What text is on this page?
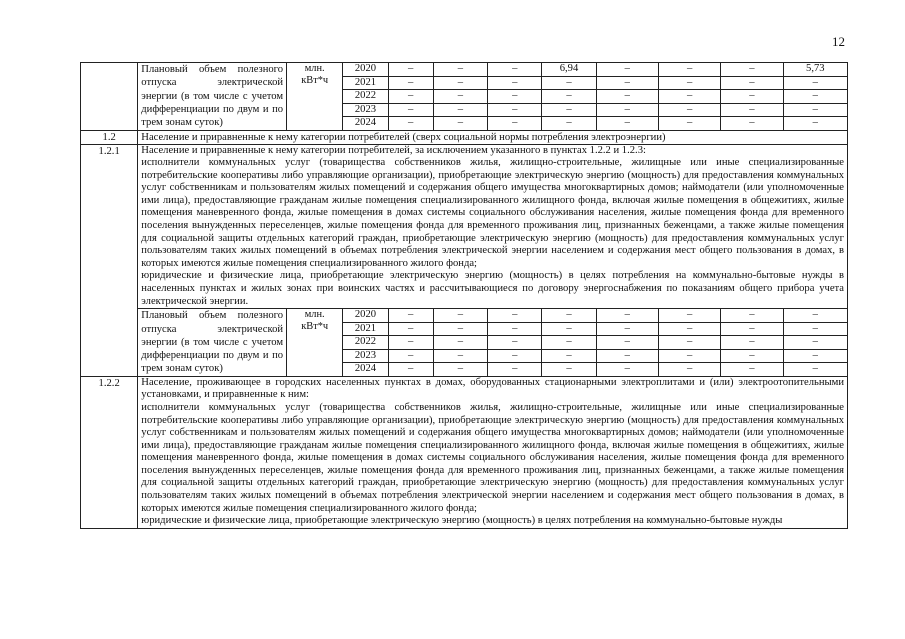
12
	Плановый объем полезного отпуска электрической энергии (в том числе с учетом дифференциации по двум и по трем зонам суток)	млн. кВт*ч	2020	–	–	–	6,94	–	–	–	5,73
			2021	–	–	–	–	–	–	–	–
			2022	–	–	–	–	–	–	–	–
			2023	–	–	–	–	–	–	–	–
			2024	–	–	–	–	–	–	–	–
1.2	Население и приравненные к нему категории потребителей (сверх социальной нормы потребления электроэнергии)										
1.2.1	Население и приравненные к нему категории потребителей, за исключением указанного в пунктах 1.2.2 и 1.2.3:
исполнители коммунальных услуг (товарищества собственников жилья, жилищно-строительные, жилищные или иные специализированные потребительские кооперативы либо управляющие организации), приобретающие электрическую энергию (мощность) для предоставления коммунальных услуг собственникам и пользователям жилых помещений и содержания общего имущества многоквартирных домов; наймодатели (или уполномоченные ими лица), предоставляющие гражданам жилые помещения специализированного жилищного фонда, включая жилые помещения в общежитиях, жилые помещения маневренного фонда, жилые помещения в домах системы социального обслуживания населения, жилые помещения фонда для временного поселения вынужденных переселенцев, жилые помещения фонда для временного проживания лиц, признанных беженцами, а также жилые помещения для социальной защиты отдельных категорий граждан, приобретающие электрическую энергию (мощность) для предоставления коммунальных услуг пользователям таких жилых помещений в объемах потребления электрической энергии населением и содержания мест общего пользования в домах, в которых имеются жилые помещения специализированного жилого фонда;
юридические и физические лица, приобретающие электрическую энергию (мощность) в целях потребления на коммунально-бытовые нужды в населенных пунктах и жилых зонах при воинских частях и рассчитывающиеся по договору энергоснабжения по показаниям общего прибора учета электрической энергии.										

	Плановый объем полезного отпуска электрической энергии (в том числе с учетом дифференциации по двум и по трем зонам суток)	млн. кВт*ч	2020	–	–	–	–	–	–	–	–
			2021	–	–	–	–	–	–	–	–
			2022	–	–	–	–	–	–	–	–
			2023	–	–	–	–	–	–	–	–
			2024	–	–	–	–	–	–	–	–
1.2.2	Население, проживающее в городских населенных пунктах в домах, оборудованных стационарными электроплитами и (или) электроотопительными установками, и приравненные к ним:
исполнители коммунальных услуг (товарищества собственников жилья, жилищно-строительные, жилищные или иные специализированные потребительские кооперативы либо управляющие организации), приобретающие электрическую энергию (мощность) для предоставления коммунальных услуг собственникам и пользователям жилых помещений и содержания общего имущества многоквартирных домов; наймодатели (или уполномоченные ими лица), предоставляющие гражданам жилые помещения специализированного жилищного фонда, включая жилые помещения в общежитиях, жилые помещения маневренного фонда, жилые помещения в домах системы социального обслуживания населения, жилые помещения фонда для временного поселения вынужденных переселенцев, жилые помещения фонда для временного проживания лиц, признанных беженцами, а также жилые помещения для социальной защиты отдельных категорий граждан, приобретающие электрическую энергию (мощность) для предоставления коммунальных услуг пользователям таких жилых помещений в объемах потребления электрической энергии населением и содержания мест общего пользования в домах, в которых имеются жилые помещения специализированного жилого фонда;
юридические и физические лица, приобретающие электрическую энергию (мощность) в целях потребления на коммунально-бытовые нужды										
